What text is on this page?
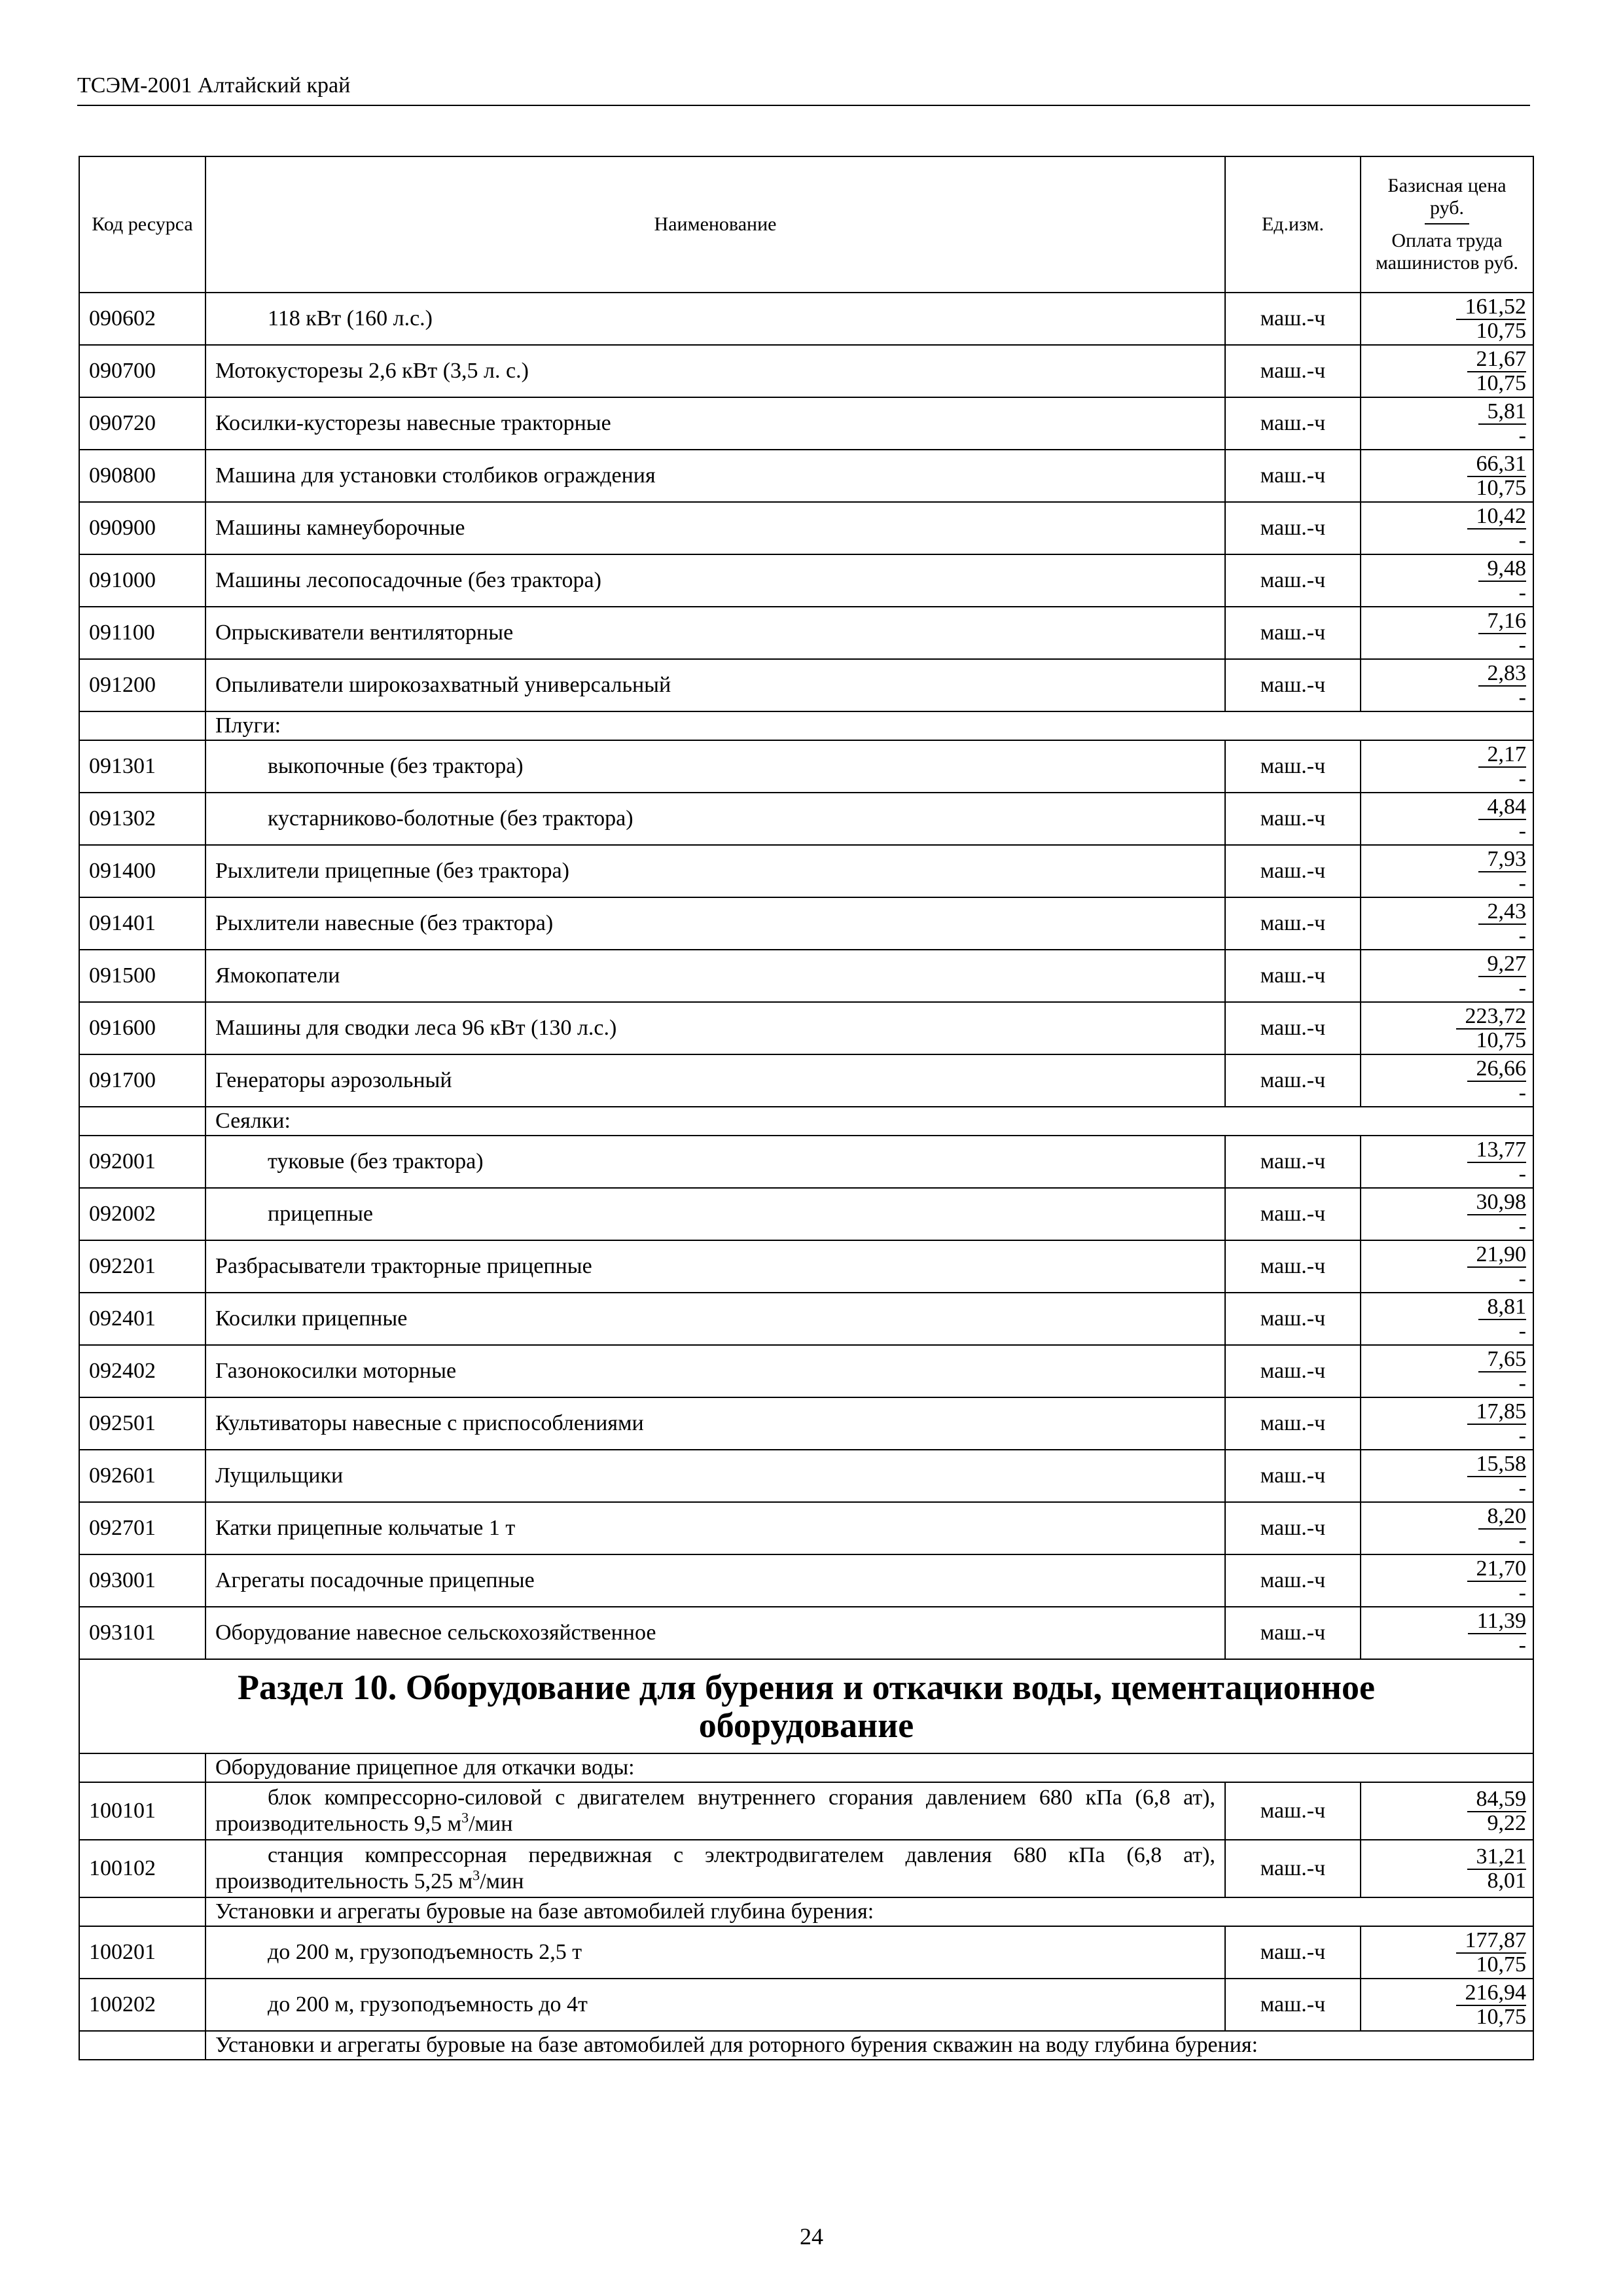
ТСЭМ-2001 Алтайский край
Код ресурса	Наименование	Ед.изм.	Базисная цена руб.
Оплата труда машинистов руб.
090602	118 кВт (160 л.с.)	маш.-ч	161,52
10,75

090700	Мотокусторезы 2,6 кВт (3,5 л. с.)	маш.-ч	21,67
10,75

090720	Косилки-кусторезы навесные тракторные	маш.-ч	5,81
-

090800	Машина для установки столбиков ограждения	маш.-ч	66,31
10,75

090900	Машины камнеуборочные	маш.-ч	10,42
-

091000	Машины лесопосадочные (без трактора)	маш.-ч	9,48
-

091100	Опрыскиватели вентиляторные	маш.-ч	7,16
-

091200	Опыливатели широкозахватный универсальный	маш.-ч	2,83
-

	Плуги:		
091301	выкопочные (без трактора)	маш.-ч	2,17
-

091302	кустарниково-болотные (без трактора)	маш.-ч	4,84
-

091400	Рыхлители прицепные (без трактора)	маш.-ч	7,93
-

091401	Рыхлители навесные (без трактора)	маш.-ч	2,43
-

091500	Ямокопатели	маш.-ч	9,27
-

091600	Машины для сводки леса 96 кВт (130 л.с.)	маш.-ч	223,72
10,75

091700	Генераторы аэрозольный	маш.-ч	26,66
-

	Сеялки:		
092001	туковые (без трактора)	маш.-ч	13,77
-

092002	прицепные	маш.-ч	30,98
-

092201	Разбрасыватели тракторные прицепные	маш.-ч	21,90
-

092401	Косилки прицепные	маш.-ч	8,81
-

092402	Газонокосилки моторные	маш.-ч	7,65
-

092501	Культиваторы навесные с приспособлениями	маш.-ч	17,85
-

092601	Лущильщики	маш.-ч	15,58
-

092701	Катки прицепные кольчатые 1 т	маш.-ч	8,20
-

093001	Агрегаты посадочные прицепные	маш.-ч	21,70
-

093101	Оборудование навесное сельскохозяйственное	маш.-ч	11,39
-

Раздел 10. Оборудование для бурения и откачки воды, цементационное
оборудование			

	Оборудование прицепное для откачки воды:		
100101	блок компрессорно-силовой с двигателем внутреннего сгорания давлением 680 кПа (6,8 ат), производительность 9,5 $м^3$/мин	маш.-ч	84,59
9,22

100102	станция компрессорная передвижная с электродвигателем давления 680 кПа (6,8 ат), производительность 5,25 $м^3$/мин	маш.-ч	31,21
8,01

	Установки и агрегаты буровые на базе автомобилей глубина бурения:		
100201	до 200 м, грузоподъемность 2,5 т	маш.-ч	177,87
10,75

100202	до 200 м, грузоподъемность до 4т	маш.-ч	216,94
10,75

	Установки и агрегаты буровые на базе автомобилей для роторного бурения скважин на воду глубина бурения:		
24
